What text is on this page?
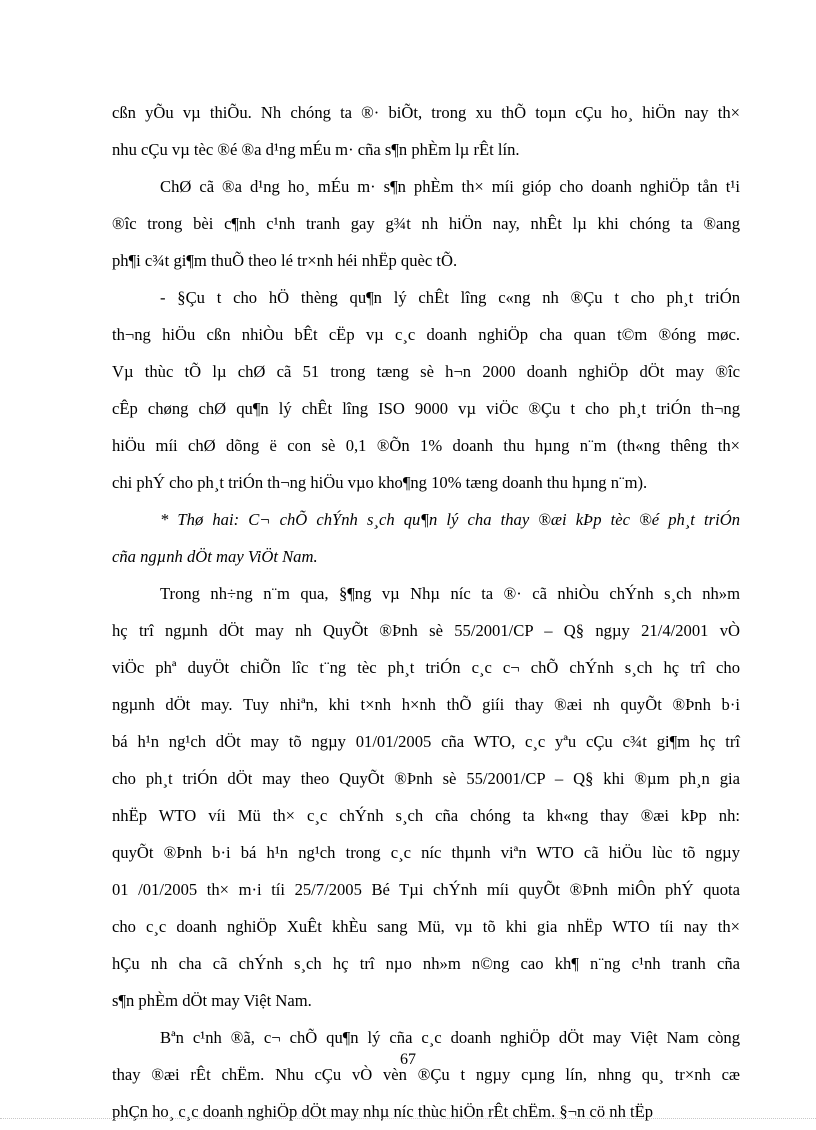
cßn yÕu vµ thiÕu. Nh chóng ta ®· biÕt, trong xu thÕ toµn cÇu ho¸ hiÖn nay th×
nhu cÇu vµ tèc ®é ®a d¹ng mÉu m· cña s¶n phÈm lµ rÊt lín.
ChØ cã ®a d¹ng ho¸ mÉu m· s¶n phÈm th× míi gióp cho doanh nghiÖp tån t¹i
®îc trong bèi c¶nh c¹nh tranh gay g¾t nh hiÖn nay, nhÊt lµ khi chóng ta ®ang
ph¶i c¾t gi¶m thuÕ theo lé tr×nh héi nhËp quèc tÕ.
- §Çu t cho hÖ thèng qu¶n lý chÊt lîng c«ng nh ®Çu t cho ph¸t triÓn
th¬ng hiÖu cßn nhiÒu bÊt cËp vµ c¸c doanh nghiÖp cha quan t©m ®óng møc.
Vµ thùc tÕ lµ chØ cã 51 trong tæng sè h¬n 2000 doanh nghiÖp dÖt may ®îc
cÊp chøng chØ qu¶n lý chÊt lîng ISO 9000 vµ viÖc ®Çu t cho ph¸t triÓn th¬ng
hiÖu míi chØ dõng ë con sè 0,1 ®Õn 1% doanh thu hµng n¨m (th«ng thêng th×
chi phÝ cho ph¸t triÓn th¬ng hiÖu vµo kho¶ng 10% tæng doanh thu hµng n¨m).
* Thø hai: C¬ chÕ chÝnh s¸ch qu¶n lý cha thay ®æi kÞp tèc ®é ph¸t triÓn
cña ngµnh dÖt may ViÖt Nam.
Trong nh÷ng n¨m qua, §¶ng vµ Nhµ níc ta ®· cã nhiÒu chÝnh s¸ch nh»m
hç trî ngµnh dÖt may nh QuyÕt ®Þnh sè 55/2001/CP – Q§ ngµy 21/4/2001 vÒ
viÖc phª duyÖt chiÕn lîc t¨ng tèc ph¸t triÓn c¸c c¬ chÕ chÝnh s¸ch hç trî cho
ngµnh dÖt may. Tuy nhiªn, khi t×nh h×nh thÕ giíi thay ®æi nh quyÕt ®Þnh b·i
bá h¹n ng¹ch dÖt may tõ ngµy 01/01/2005 cña WTO, c¸c yªu cÇu c¾t gi¶m hç trî
cho ph¸t triÓn dÖt may theo QuyÕt ®Þnh sè 55/2001/CP – Q§ khi ®µm ph¸n gia
nhËp WTO víi Mü th× c¸c chÝnh s¸ch cña chóng ta kh«ng thay ®æi kÞp nh:
quyÕt ®Þnh b·i bá h¹n ng¹ch trong c¸c níc thµnh viªn WTO cã hiÖu lùc tõ ngµy
01 /01/2005 th× m·i tíi 25/7/2005 Bé Tµi chÝnh míi quyÕt ®Þnh miÔn phÝ quota
cho c¸c doanh nghiÖp XuÊt khÈu sang Mü, vµ tõ khi gia nhËp WTO tíi nay th×
hÇu nh cha cã chÝnh s¸ch hç trî nµo nh»m n©ng cao kh¶ n¨ng c¹nh tranh cña
s¶n phÈm dÖt may Việt Nam.
Bªn c¹nh ®ã, c¬ chÕ qu¶n lý cña c¸c doanh nghiÖp dÖt may Việt Nam còng
thay ®æi rÊt chËm. Nhu cÇu vÒ vèn ®Çu t ngµy cµng lín, nhng qu¸ tr×nh cæ
phÇn ho¸ c¸c doanh nghiÖp dÖt may nhµ níc thùc hiÖn rÊt chËm. §¬n cö nh tËp
67
